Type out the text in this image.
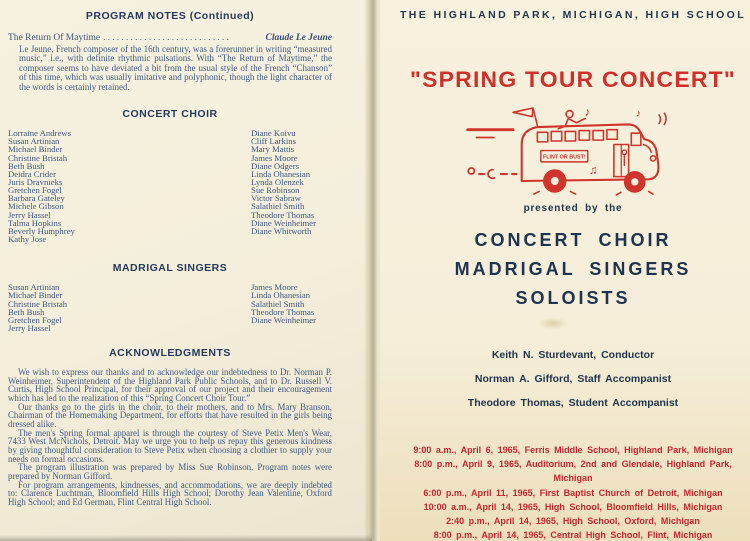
PROGRAM NOTES (Continued)
The Return Of Maytime ............................	Claude Le Jeune

Le Jeune, French composer of the 16th century, was a forerunner in writing “measured music,” i.e., with definite rhythmic pulsations. With “The Return of Maytime,” the composer seems to have deviated a bit from the usual style of the French “Chanson” of this time, which was usually imitative and polyphonic, though the light character of the words is certainly retained.

CONCERT CHOIR
Lorraine Andrews
Susan Artinian
Michael Binder
Christine Bristah
Beth Bush
Deidra Crider
Juris Dravnieks
Gretchen Fogel
Barbara Gateley
Michele Gibson
Jerry Hassel
Talma Hopkins
Beverly Humphrey
Kathy Jose
Diane Koivu
Cliff Larkins
Mary Mattis
James Moore
Diane Odgers
Linda Ohanesian
Lynda Olenzek
Sue Robinson
Victor Sabraw
Salathiel Smith
Theodore Thomas
Diane Weinheimer
Diane Whitworth
MADRIGAL SINGERS
Susan Artinian
Michael Binder
Christine Bristah
Beth Bush
Gretchen Fogel
Jerry Hassel
James Moore
Linda Ohanesian
Salathiel Smith
Theodore Thomas
Diane Weinheimer
ACKNOWLEDGMENTS

We wish to express our thanks and to acknowledge our indebtedness to Dr. Norman P. Weinheimer, Superintendent of the Highland Park Public Schools, and to Dr. Russell V. Curtis, High School Principal, for their approval of our project and their encouragement which has led to the realization of this “Spring Concert Choir Tour.”

Our thanks go to the girls in the choir, to their mothers, and to Mrs. Mary Branson, Chairman of the Homemaking Department, for efforts that have resulted in the girls being dressed alike.

The men's Spring formal apparel is through the courtesy of Steve Petix Men's Wear, 7433 West McNichols, Detroit. May we urge you to help us repay this generous kindness by giving thoughtful consideration to Steve Petix when choosing a clothier to supply your needs on formal occasions.

The program illustration was prepared by Miss Sue Robinson. Program notes were prepared by Norman Gifford.

For program arrangements, kindnesses, and accommodations, we are deeply indebted to: Clarence Luchtman, Bloomfield Hills High School; Dorothy Jean Valentine, Oxford High School; and Ed German, Flint Central High School.

THE HIGHLAND PARK, MICHIGAN, HIGH SCHOOL
"SPRING TOUR CONCERT"
FLINT OR BUST!
♪	♪
♫
presented by the
CONCERT CHOIR
MADRIGAL SINGERS
SOLOISTS
Keith N. Sturdevant, Conductor
Norman A. Gifford, Staff Accompanist
Theodore Thomas, Student Accompanist
9:00 a.m., April 6, 1965, Ferris Middle School, Highland Park, Michigan
8:00 p.m., April 9, 1965, Auditorium, 2nd and Glendale, Highland Park, Michigan
6:00 p.m., April 11, 1965, First Baptist Church of Detroit, Michigan
10:00 a.m., April 14, 1965, High School, Bloomfield Hills, Michigan
2:40 p.m., April 14, 1965, High School, Oxford, Michigan
8:00 p.m., April 14, 1965, Central High School, Flint, Michigan
